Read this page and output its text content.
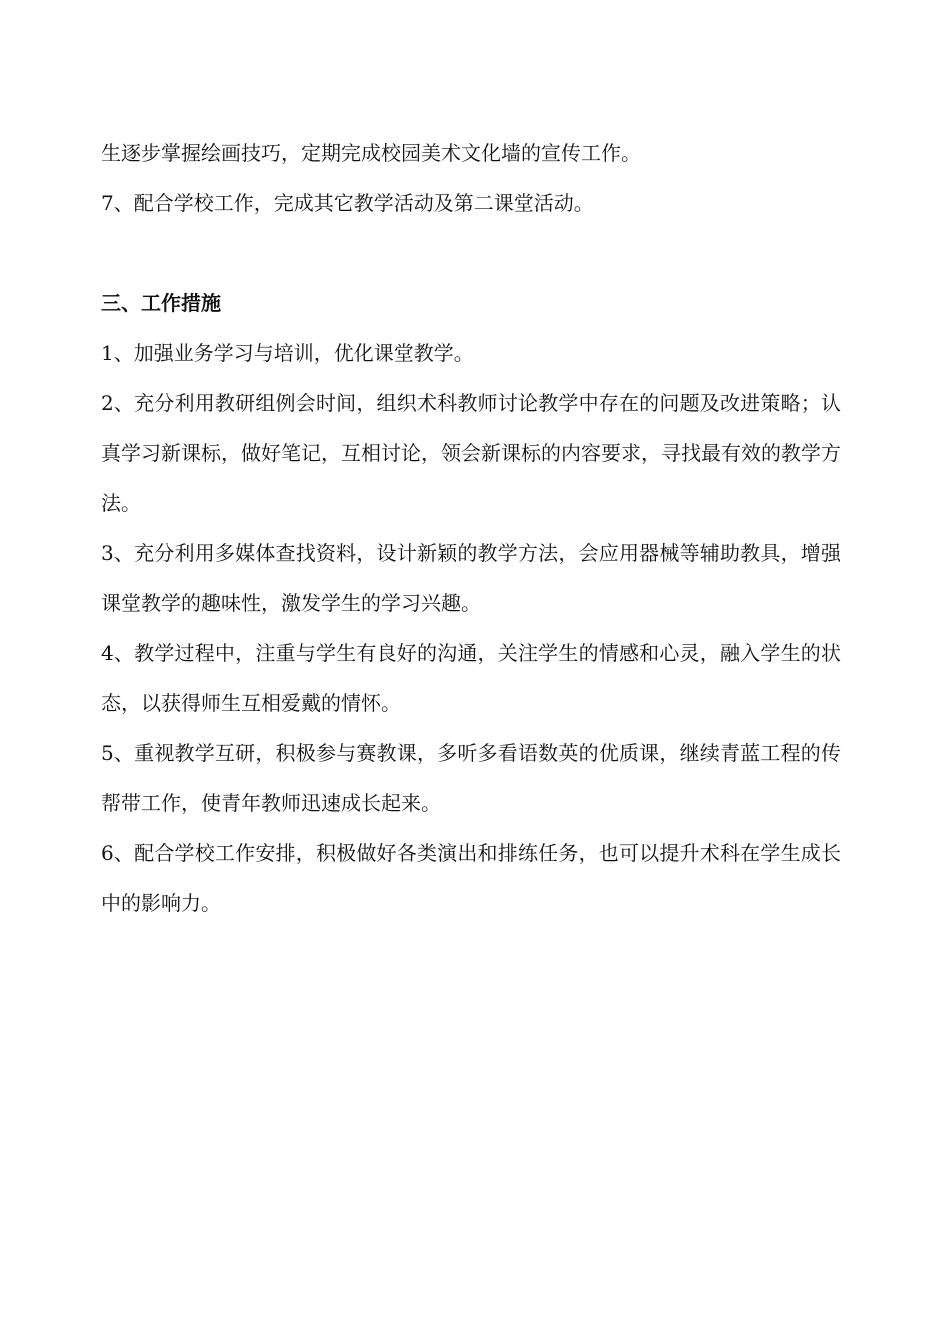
生逐步掌握绘画技巧，定期完成校园美术文化墙的宣传工作。

7、配合学校工作，完成其它教学活动及第二课堂活动。

三、工作措施

1、加强业务学习与培训，优化课堂教学。

2、充分利用教研组例会时间，组织术科教师讨论教学中存在的问题及改进策略；认真学习新课标，做好笔记，互相讨论，领会新课标的内容要求，寻找最有效的教学方法。

3、充分利用多媒体查找资料，设计新颖的教学方法，会应用器械等辅助教具，增强课堂教学的趣味性，激发学生的学习兴趣。

4、教学过程中，注重与学生有良好的沟通，关注学生的情感和心灵，融入学生的状态，以获得师生互相爱戴的情怀。

5、重视教学互研，积极参与赛教课，多听多看语数英的优质课，继续青蓝工程的传帮带工作，使青年教师迅速成长起来。

6、配合学校工作安排，积极做好各类演出和排练任务，也可以提升术科在学生成长中的影响力。
